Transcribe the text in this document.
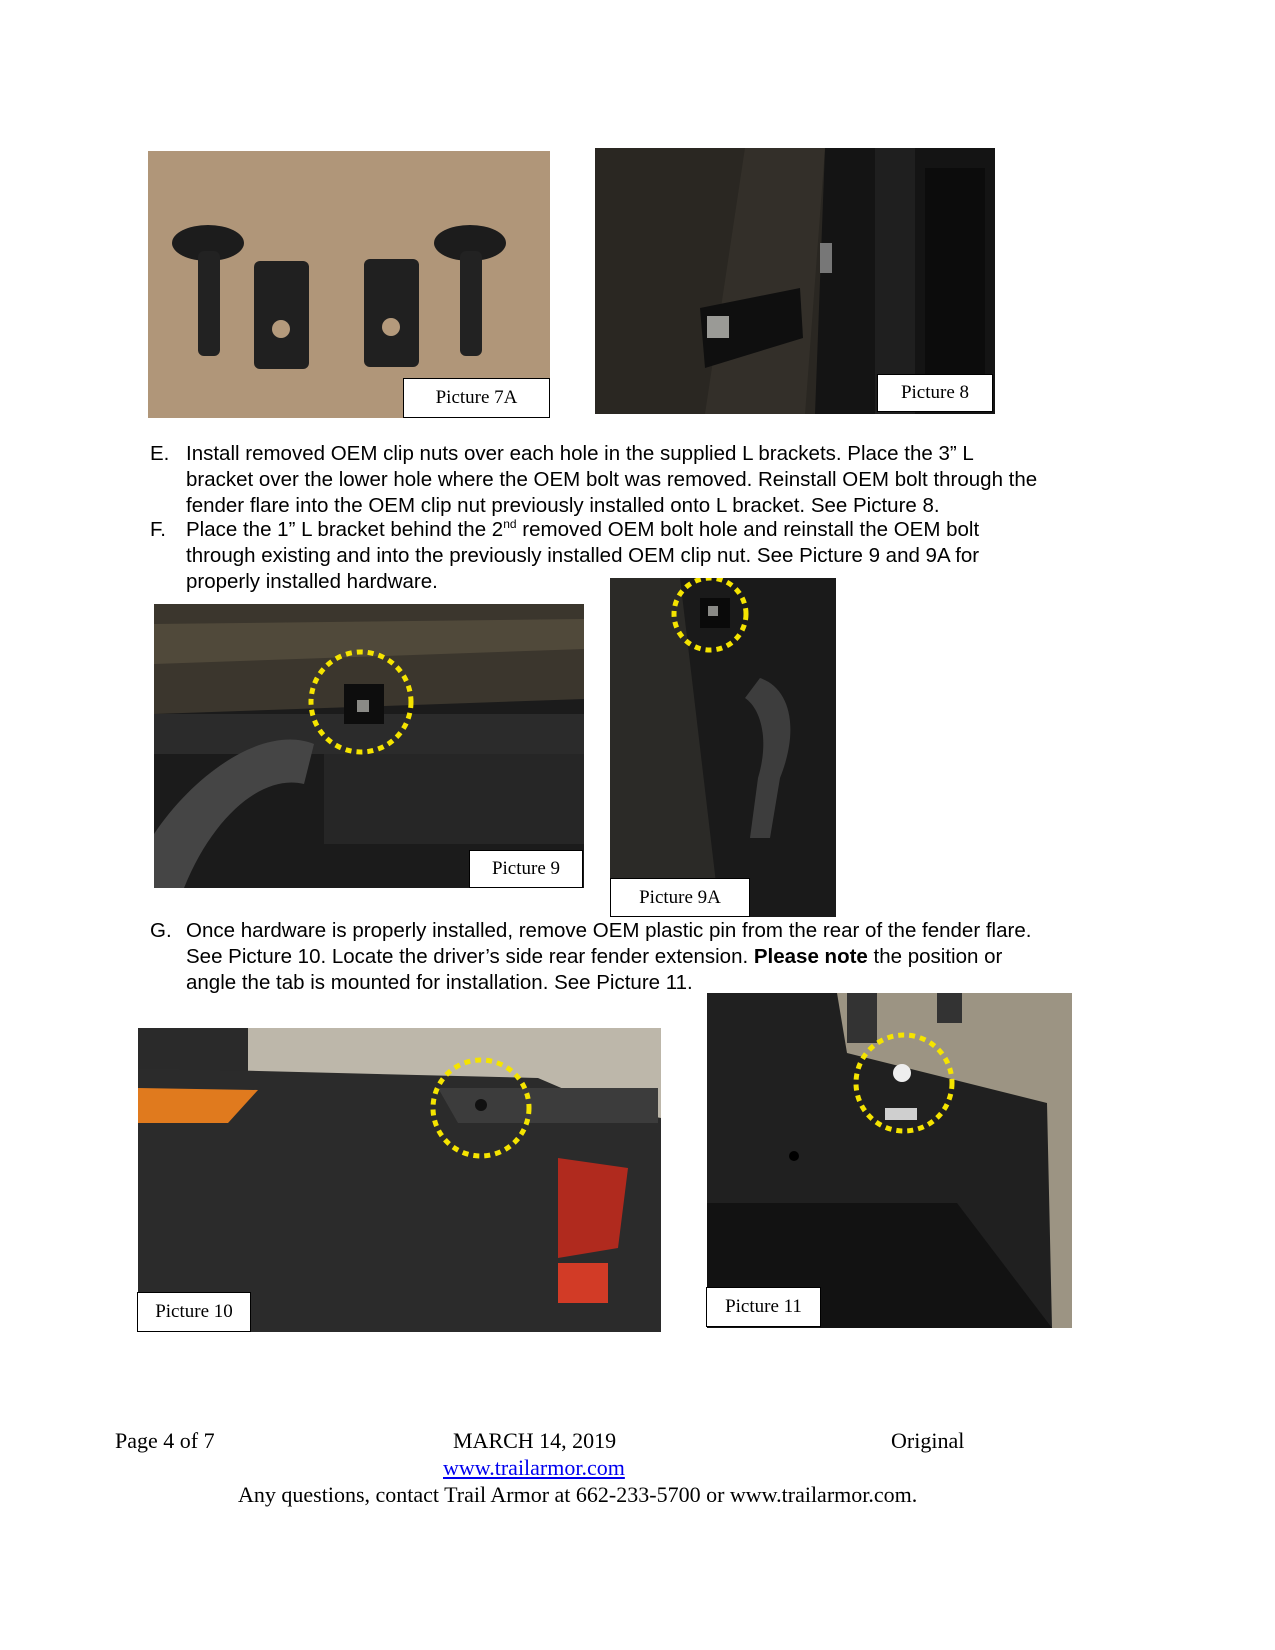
Picture 7A	Picture 8
E. Install removed OEM clip nuts over each hole in the supplied L brackets. Place the 3” L
bracket over the lower hole where the OEM bolt was removed. Reinstall OEM bolt through the
fender flare into the OEM clip nut previously installed onto L bracket. See Picture 8.
F. Place the 1” L bracket behind the 2nd removed OEM bolt hole and reinstall the OEM bolt
through existing and into the previously installed OEM clip nut. See Picture 9 and 9A for
properly installed hardware.
Picture 9
Picture 9A
G. Once hardware is properly installed, remove OEM plastic pin from the rear of the fender flare.
See Picture 10. Locate the driver’s side rear fender extension. Please note the position or
angle the tab is mounted for installation. See Picture 11.
Picture 10	Picture 11
Page 4 of 7	MARCH 14, 2019	Original
www.trailarmor.com
Any questions, contact Trail Armor at 662-233-5700 or www.trailarmor.com.
